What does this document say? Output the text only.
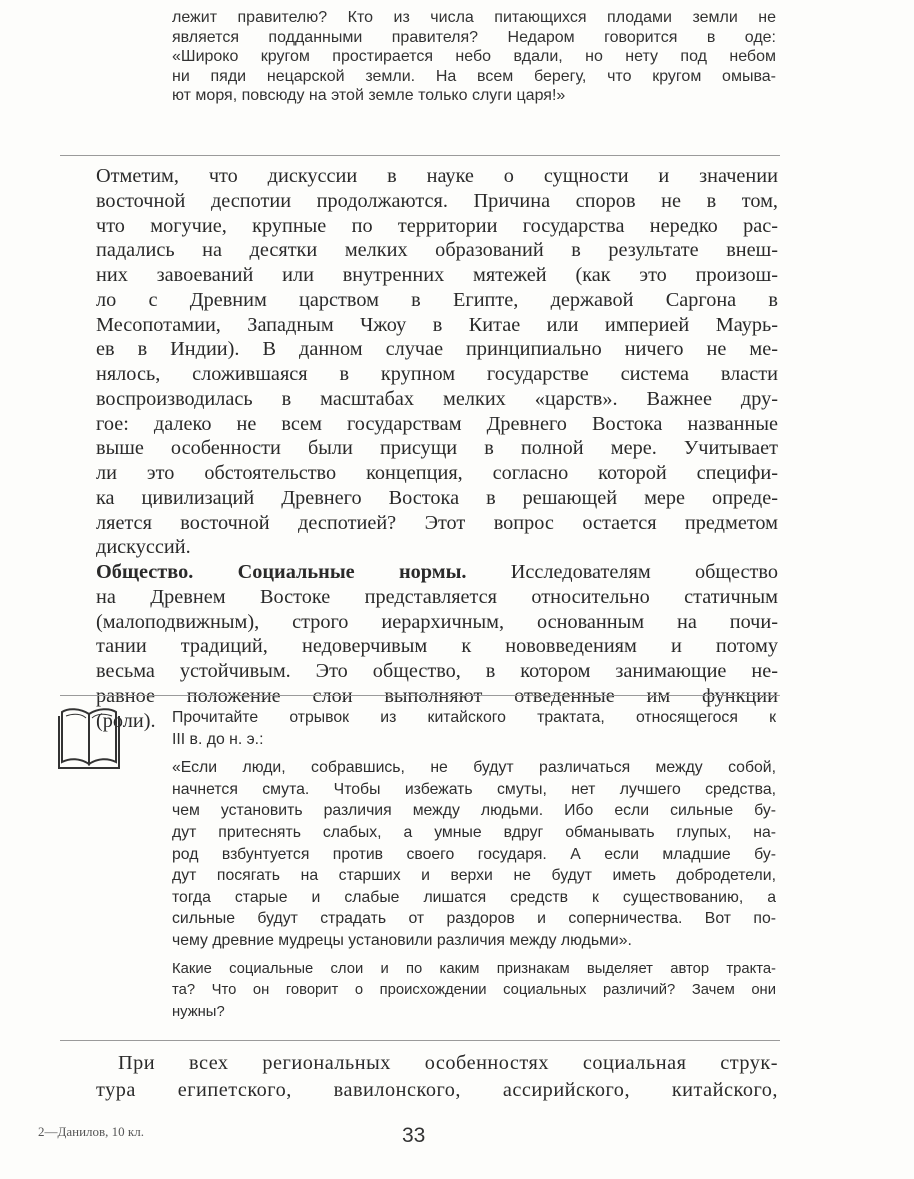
лежит правителю? Кто из числа питающихся плодами земли не
является подданными правителя? Недаром говорится в оде:
«Широко кругом простирается небо вдали, но нету под небом
ни пяди нецарской земли. На всем берегу, что кругом омыва-
ют моря, повсюду на этой земле только слуги царя!»
Отметим, что дискуссии в науке о сущности и значении
восточной деспотии продолжаются. Причина споров не в том,
что могучие, крупные по территории государства нередко рас-
падались на десятки мелких образований в результате внеш-
них завоеваний или внутренних мятежей (как это произош-
ло с Древним царством в Египте, державой Саргона в
Месопотамии, Западным Чжоу в Китае или империей Маурь-
ев в Индии). В данном случае принципиально ничего не ме-
нялось, сложившаяся в крупном государстве система власти
воспроизводилась в масштабах мелких «царств». Важнее дру-
гое: далеко не всем государствам Древнего Востока названные
выше особенности были присущи в полной мере. Учитывает
ли это обстоятельство концепция, согласно которой специфи-
ка цивилизаций Древнего Востока в решающей мере опреде-
ляется восточной деспотией? Этот вопрос остается предметом
дискуссий.
Общество. Социальные нормы. Исследователям общество
на Древнем Востоке представляется относительно статичным
(малоподвижным), строго иерархичным, основанным на почи-
тании традиций, недоверчивым к нововведениям и потому
весьма устойчивым. Это общество, в котором занимающие не-
равное положение слои выполняют отведенные им функции
(роли).	Прочитайте отрывок из китайского трактата, относящегося к
III в. до н. э.:
«Если люди, собравшись, не будут различаться между собой,
начнется смута. Чтобы избежать смуты, нет лучшего средства,
чем установить различия между людьми. Ибо если сильные бу-
дут притеснять слабых, а умные вдруг обманывать глупых, на-
род взбунтуется против своего государя. А если младшие бу-
дут посягать на старших и верхи не будут иметь добродетели,
тогда старые и слабые лишатся средств к существованию, а
сильные будут страдать от раздоров и соперничества. Вот по-
чему древние мудрецы установили различия между людьми».
Какие социальные слои и по каким признакам выделяет автор тракта-
та? Что он говорит о происхождении социальных различий? Зачем они
нужны?
При всех региональных особенностях социальная струк-
тура египетского, вавилонского, ассирийского, китайского,
2—Данилов, 10 кл.	33
